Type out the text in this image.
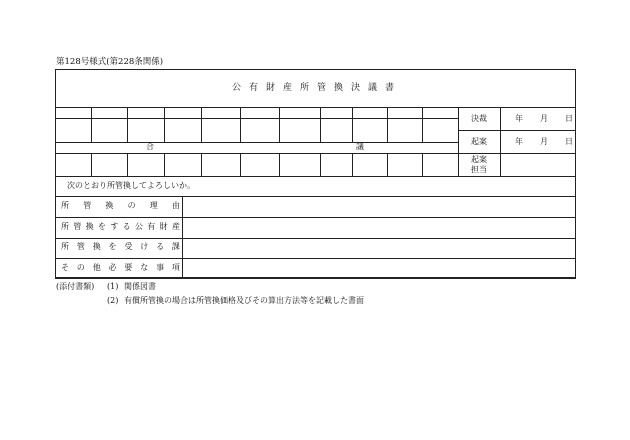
第128号様式(第228条関係)
公有財産所管換決議書
合	議
決裁	年 月 日
起案	年 月 日
起案
担当
次のとおり所管換してよろしいか。
所 管 換 の 理 由
所 管 換 を す る 公 有 財 産
所 管 換 を 受 け る 課
そ の 他 必 要 な 事 項
(添付書類) (1) 関係図書
(2) 有償所管換の場合は所管換価格及びその算出方法等を記載した書面
